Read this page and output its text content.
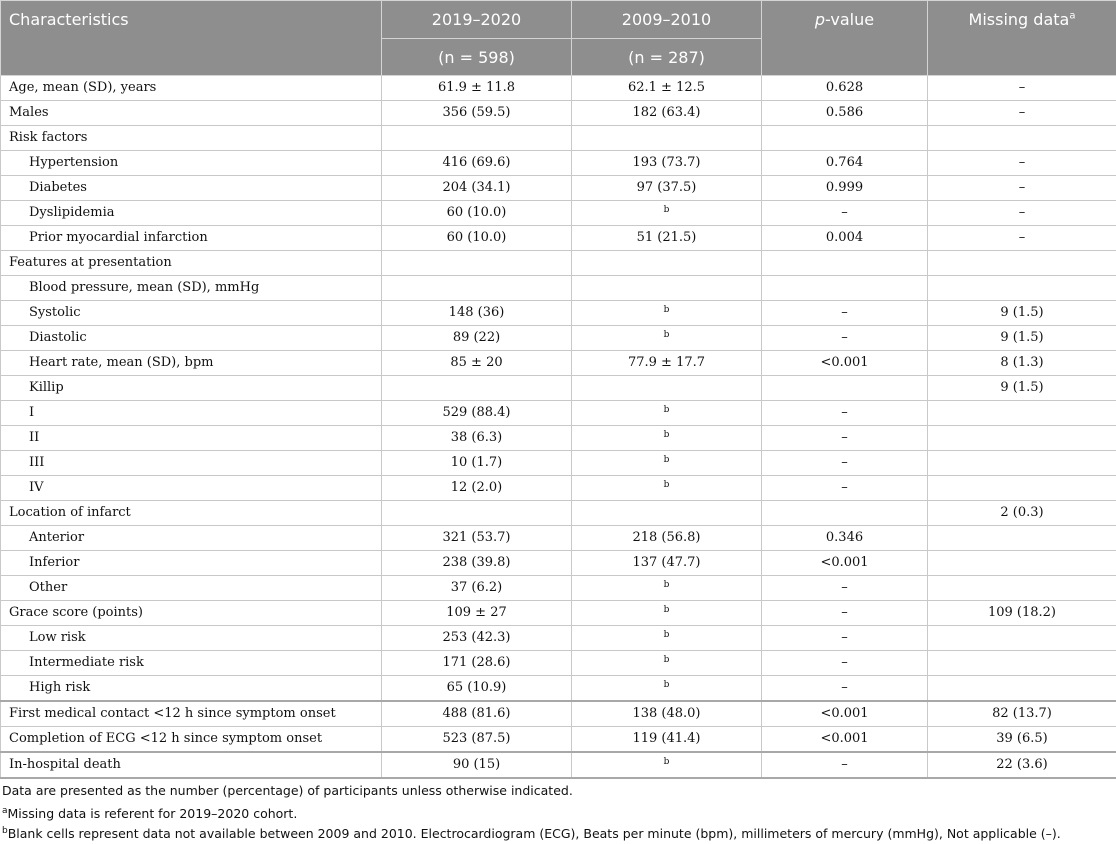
Characteristics	2019–2020	2009–2010	p-value	Missing data$^a$
	(n = 598)	(n = 287)		
Age, mean (SD), years	61.9 ± 11.8	62.1 ± 12.5	0.628	–
Males	356 (59.5)	182 (63.4)	0.586	–
Risk factors				
Hypertension	416 (69.6)	193 (73.7)	0.764	–
Diabetes	204 (34.1)	97 (37.5)	0.999	–
Dyslipidemia	60 (10.0)	b	–	–
Prior myocardial infarction	60 (10.0)	51 (21.5)	0.004	–
Features at presentation				
Blood pressure, mean (SD), mmHg				
Systolic	148 (36)	b	–	9 (1.5)
Diastolic	89 (22)	b	–	9 (1.5)
Heart rate, mean (SD), bpm	85 ± 20	77.9 ± 17.7	<0.001	8 (1.3)
Killip				9 (1.5)
I	529 (88.4)	b	–	
II	38 (6.3)	b	–	
III	10 (1.7)	b	–	
IV	12 (2.0)	b	–	
Location of infarct				2 (0.3)
Anterior	321 (53.7)	218 (56.8)	0.346	
Inferior	238 (39.8)	137 (47.7)	<0.001	
Other	37 (6.2)	b	–	
Grace score (points)	109 ± 27	b	–	109 (18.2)
Low risk	253 (42.3)	b	–	
Intermediate risk	171 (28.6)	b	–	
High risk	65 (10.9)	b	–	
First medical contact <12 h since symptom onset	488 (81.6)	138 (48.0)	<0.001	82 (13.7)
Completion of ECG <12 h since symptom onset	523 (87.5)	119 (41.4)	<0.001	39 (6.5)
In-hospital death	90 (15)	b	–	22 (3.6)
Data are presented as the number (percentage) of participants unless otherwise indicated.
$^a$Missing data is referent for 2019–2020 cohort.
$^b$Blank cells represent data not available between 2009 and 2010. Electrocardiogram (ECG), Beats per minute (bpm), millimeters of mercury (mmHg), Not applicable (–).
